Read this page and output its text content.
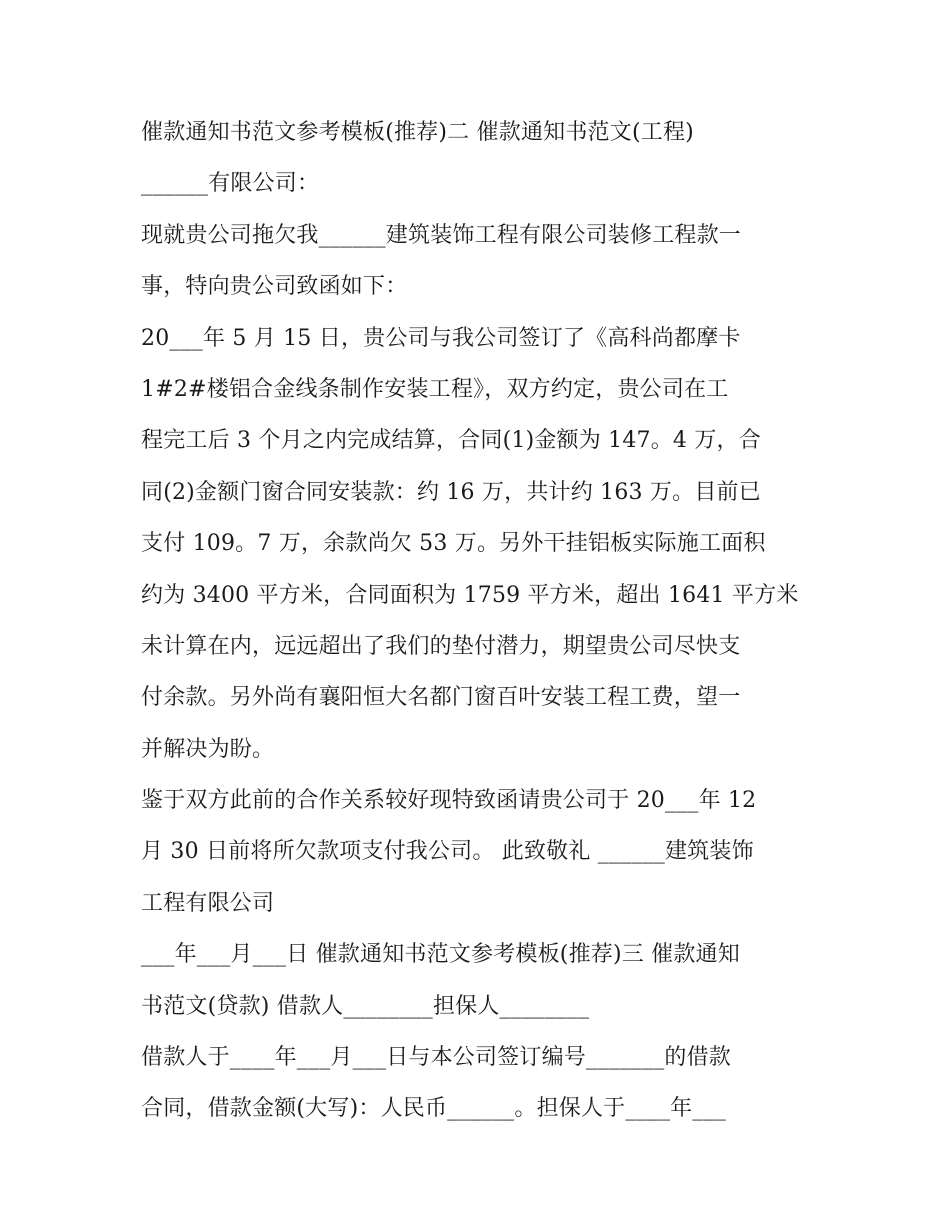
催款通知书范文参考模板(推荐)二 催款通知书范文(工程)
______有限公司：
现就贵公司拖欠我______建筑装饰工程有限公司装修工程款一
事，特向贵公司致函如下：
20___年 5 月 15 日，贵公司与我公司签订了《高科尚都摩卡
1#2#楼铝合金线条制作安装工程》，双方约定，贵公司在工
程完工后 3 个月之内完成结算，合同(1)金额为 147。4 万，合
同(2)金额门窗合同安装款：约 16 万，共计约 163 万。目前已
支付 109。7 万，余款尚欠 53 万。另外干挂铝板实际施工面积
约为 3400 平方米，合同面积为 1759 平方米，超出 1641 平方米
未计算在内，远远超出了我们的垫付潜力，期望贵公司尽快支
付余款。另外尚有襄阳恒大名都门窗百叶安装工程工费，望一
并解决为盼。
鉴于双方此前的合作关系较好现特致函请贵公司于 20___年 12
月 30 日前将所欠款项支付我公司。 此致敬礼 ______建筑装饰
工程有限公司
___年___月___日 催款通知书范文参考模板(推荐)三 催款通知
书范文(贷款) 借款人________担保人________
借款人于____年___月___日与本公司签订编号_______的借款
合同，借款金额(大写)：人民币______。担保人于____年___
